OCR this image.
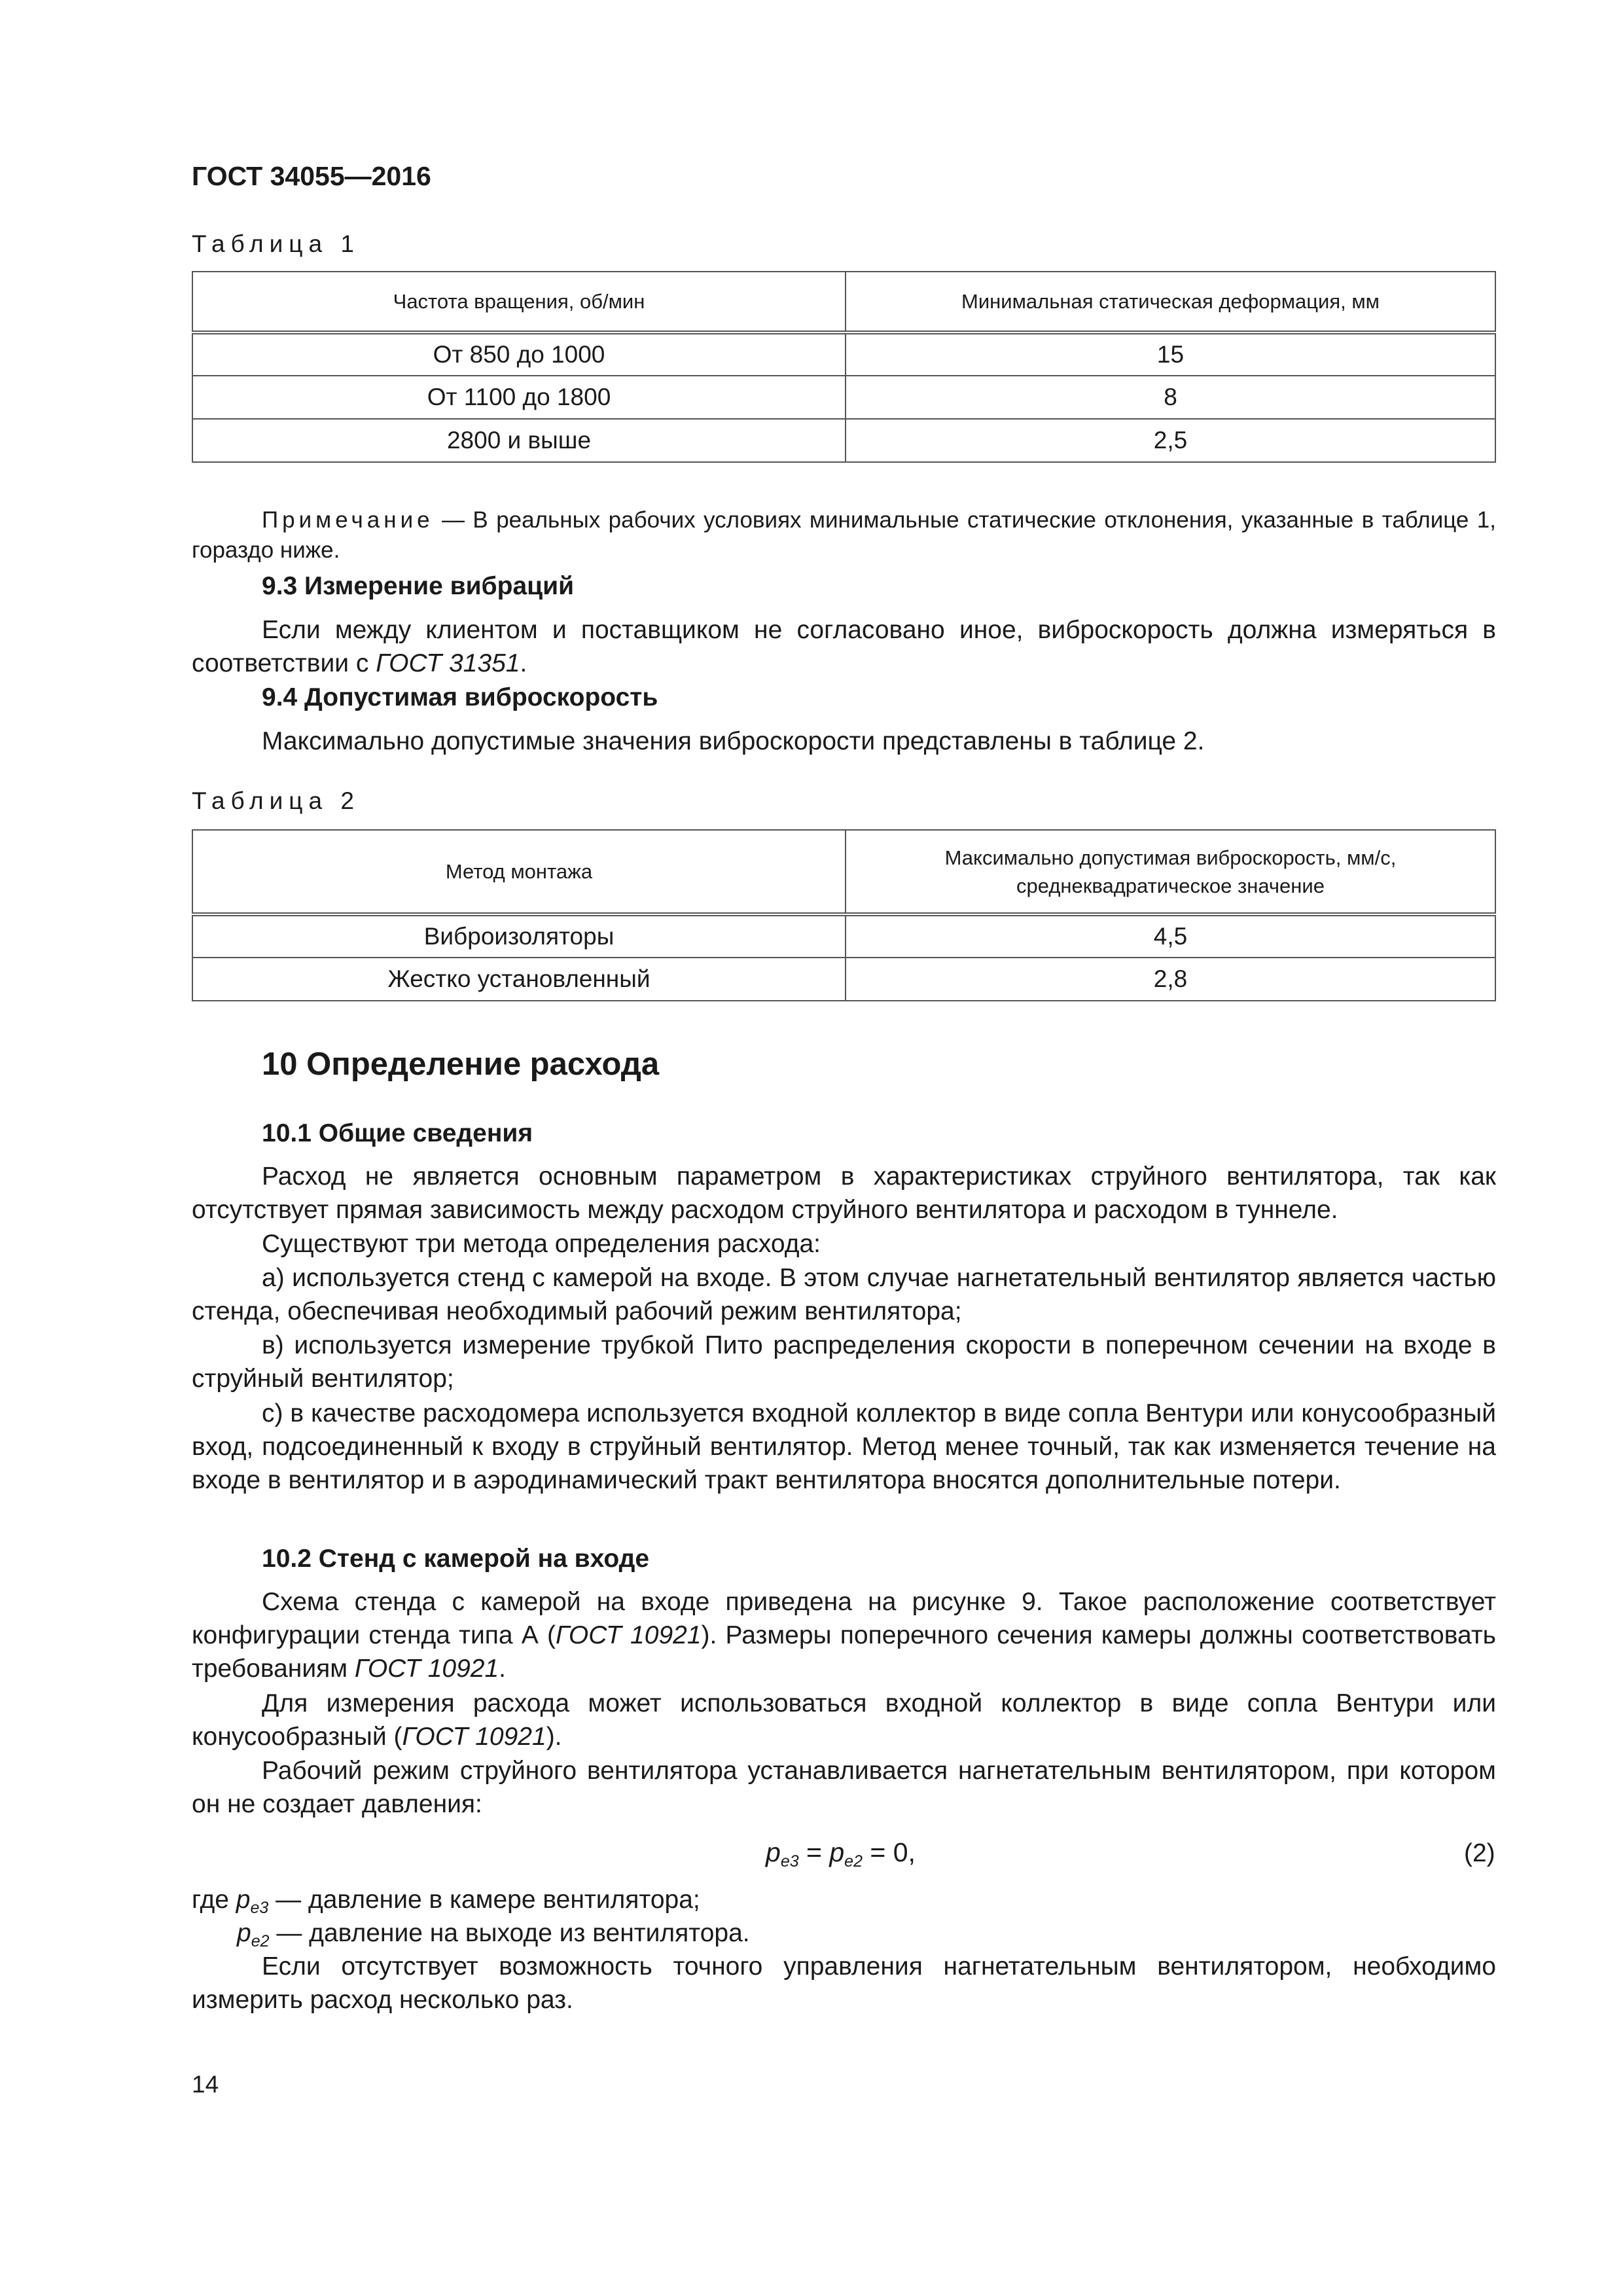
ГОСТ 34055—2016
Таблица 1
Частота вращения, об/мин	Минимальная статическая деформация, мм
От 850 до 1000	15
От 1100 до 1800	8
2800 и выше	2,5
Примечание — В реальных рабочих условиях минимальные статические отклонения, указанные в таблице 1, гораздо ниже.
9.3 Измерение вибраций
Если между клиентом и поставщиком не согласовано иное, виброскорость должна измеряться в соответствии с ГОСТ 31351.
9.4 Допустимая виброскорость
Максимально допустимые значения виброскорости представлены в таблице 2.
Таблица 2
Метод монтажа	Максимально допустимая виброскорость, мм/с,
среднеквадратическое значение

Виброизоляторы	4,5
Жестко установленный	2,8
10 Определение расхода
10.1 Общие сведения
Расход не является основным параметром в характеристиках струйного вентилятора, так как отсутствует прямая зависимость между расходом струйного вентилятора и расходом в туннеле.
Существуют три метода определения расхода:
а) используется стенд с камерой на входе. В этом случае нагнетательный вентилятор является частью стенда, обеспечивая необходимый рабочий режим вентилятора;
в) используется измерение трубкой Пито распределения скорости в поперечном сечении на входе в струйный вентилятор;
с) в качестве расходомера используется входной коллектор в виде сопла Вентури или конусообразный вход, подсоединенный к входу в струйный вентилятор. Метод менее точный, так как изменяется течение на входе в вентилятор и в аэродинамический тракт вентилятора вносятся дополнительные потери.
10.2 Стенд с камерой на входе
Схема стенда с камерой на входе приведена на рисунке 9. Такое расположение соответствует конфигурации стенда типа А (ГОСТ 10921). Размеры поперечного сечения камеры должны соответствовать требованиям ГОСТ 10921.
Для измерения расхода может использоваться входной коллектор в виде сопла Вентури или конусообразный (ГОСТ 10921).
Рабочий режим струйного вентилятора устанавливается нагнетательным вентилятором, при котором он не создает давления:
$p_{e3} = p_{e2} = 0$,	(2)
где $p_{e3}$ — давление в камере вентилятора;
$p_{e2}$ — давление на выходе из вентилятора.
Если отсутствует возможность точного управления нагнетательным вентилятором, необходимо измерить расход несколько раз.
14
